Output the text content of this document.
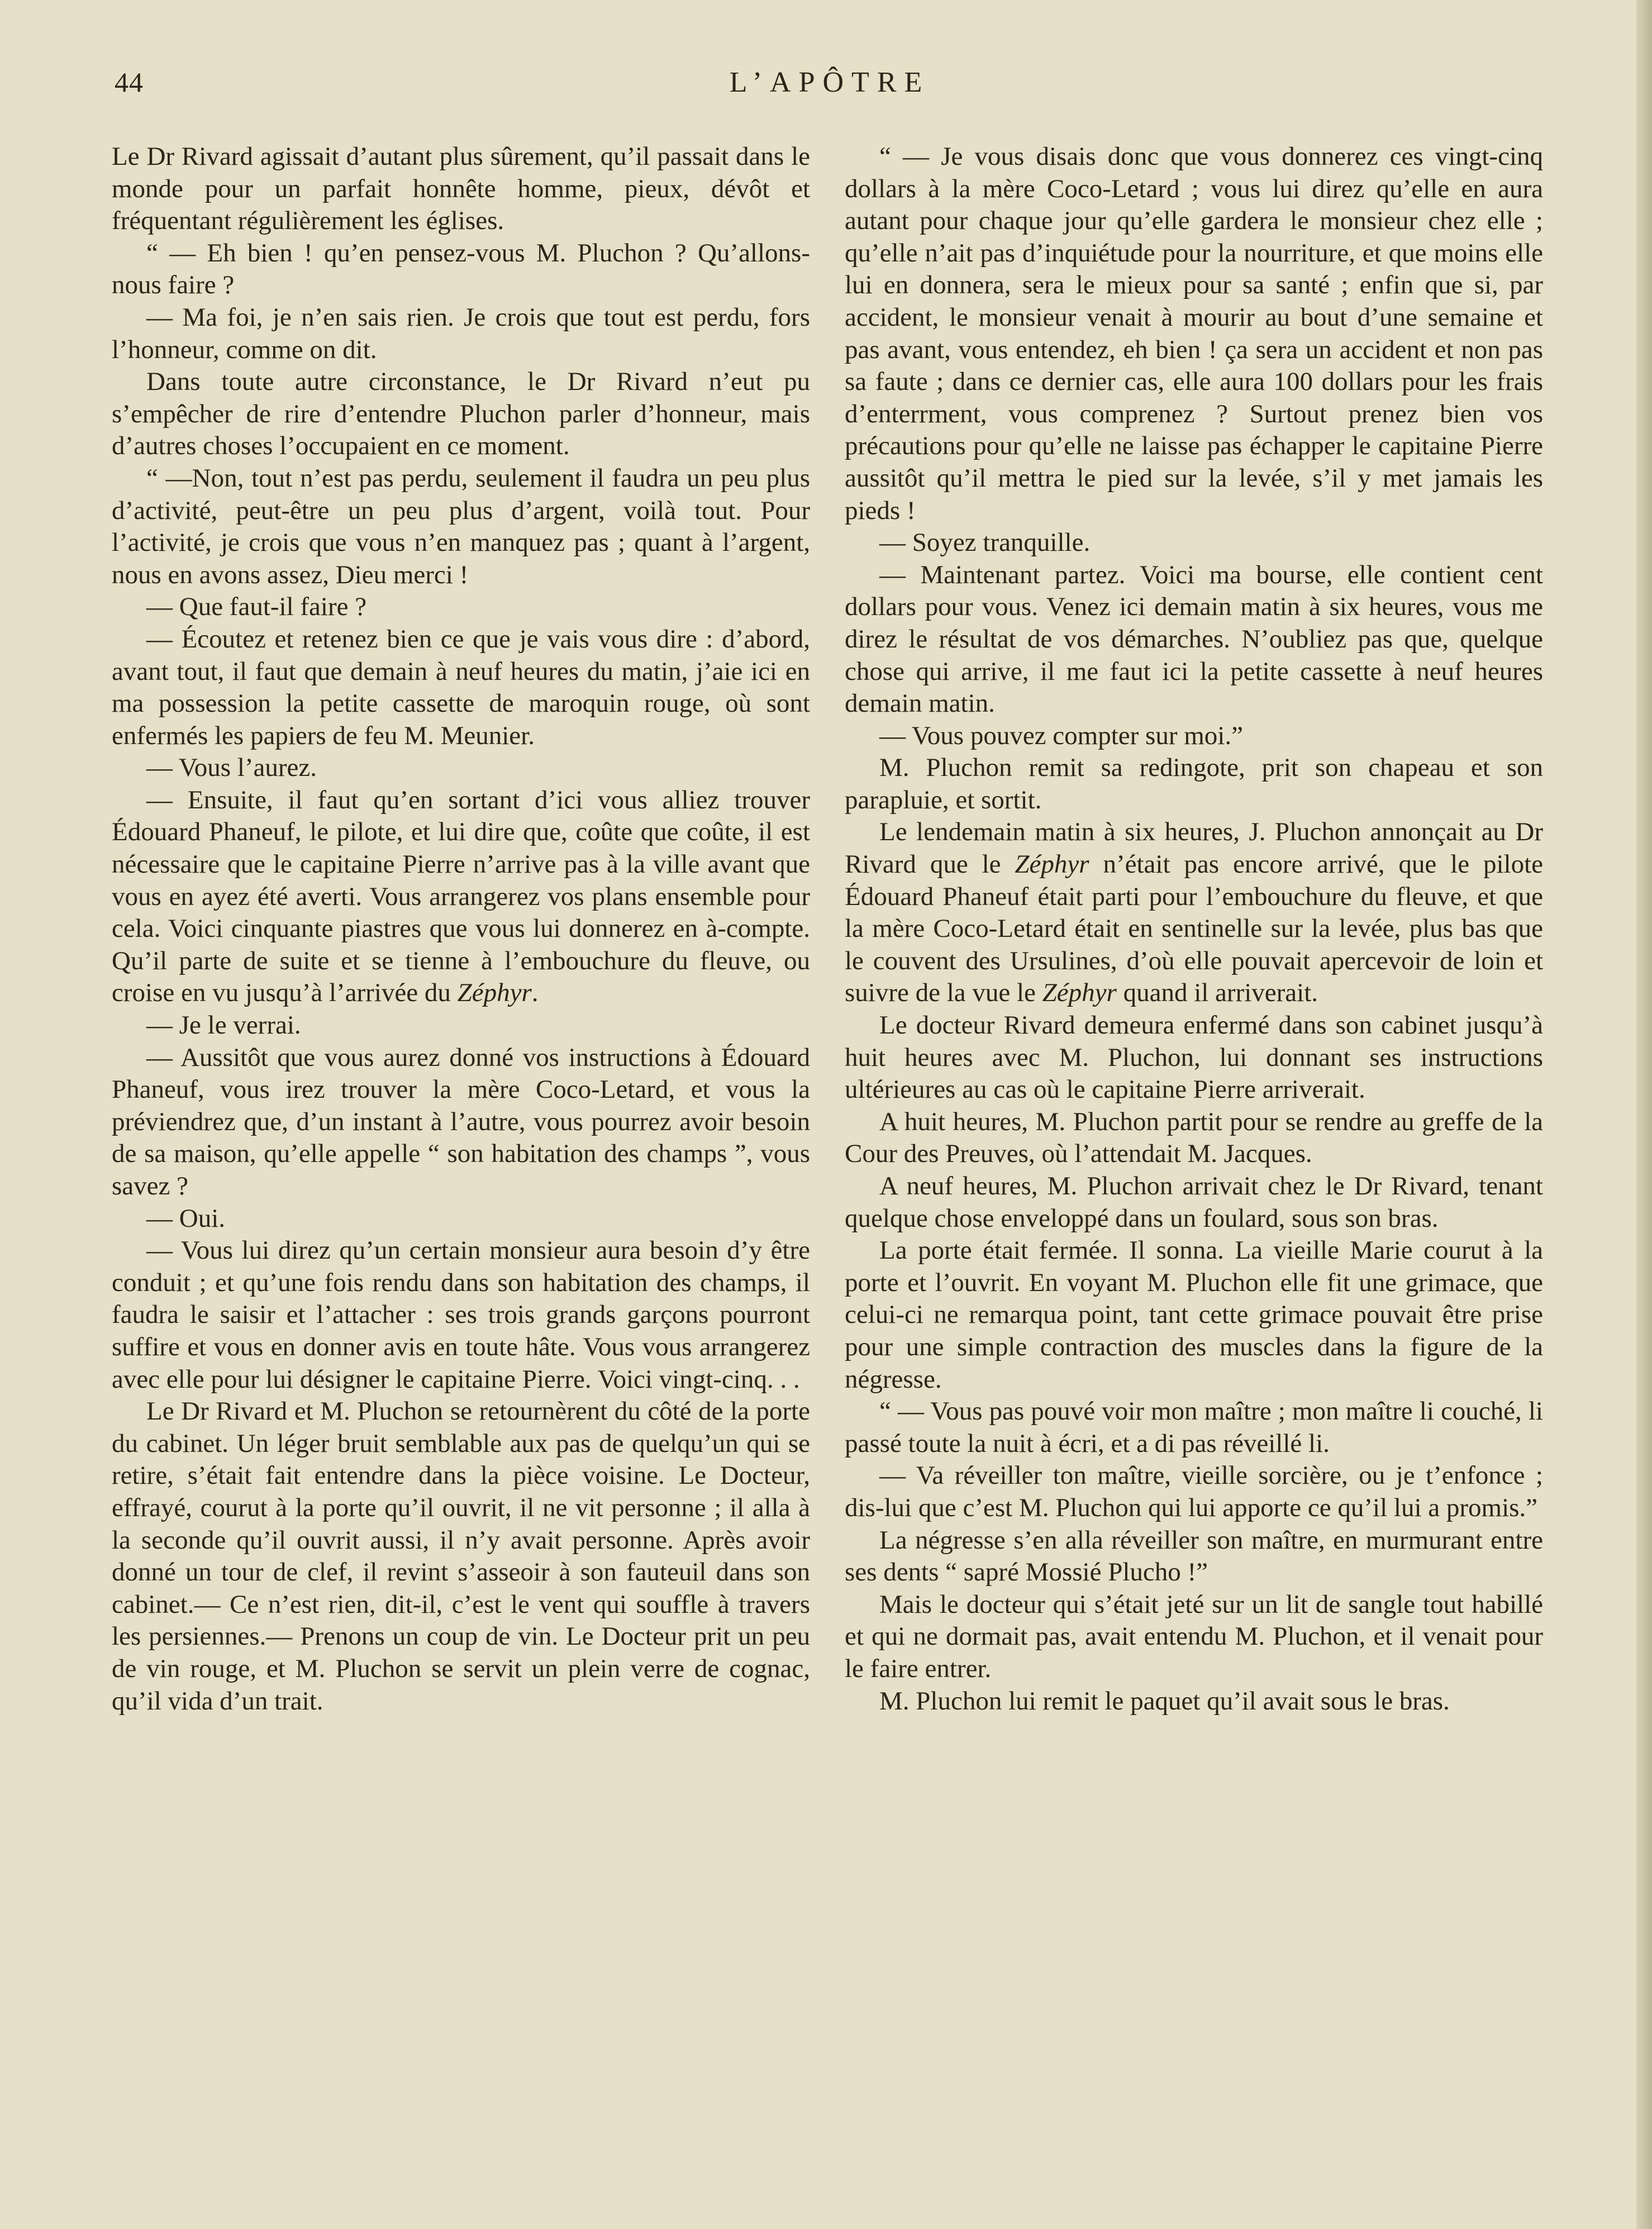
44	L’APÔTRE

Le Dr Rivard agissait d’autant plus sûrement, qu’il passait dans le monde pour un parfait honnête homme, pieux, dévôt et fréquentant régulièrement les églises.

“ — Eh bien ! qu’en pensez-vous M. Pluchon ? Qu’allons-nous faire ?

— Ma foi, je n’en sais rien. Je crois que tout est perdu, fors l’honneur, comme on dit.

Dans toute autre circonstance, le Dr Rivard n’eut pu s’empêcher de rire d’entendre Pluchon parler d’honneur, mais d’autres choses l’occupaient en ce moment.

“ —Non, tout n’est pas perdu, seulement il faudra un peu plus d’activité, peut-être un peu plus d’argent, voilà tout. Pour l’activité, je crois que vous n’en manquez pas ; quant à l’argent, nous en avons assez, Dieu merci !

— Que faut-il faire ?

— Écoutez et retenez bien ce que je vais vous dire : d’abord, avant tout, il faut que demain à neuf heures du matin, j’aie ici en ma possession la petite cassette de maroquin rouge, où sont enfermés les papiers de feu M. Meunier.

— Vous l’aurez.

— Ensuite, il faut qu’en sortant d’ici vous alliez trouver Édouard Phaneuf, le pilote, et lui dire que, coûte que coûte, il est nécessaire que le capitaine Pierre n’arrive pas à la ville avant que vous en ayez été averti. Vous arrangerez vos plans ensemble pour cela. Voici cinquante piastres que vous lui donnerez en à-compte. Qu’il parte de suite et se tienne à l’embouchure du fleuve, ou croise en vu jusqu’à l’arrivée du Zéphyr.

— Je le verrai.

— Aussitôt que vous aurez donné vos instructions à Édouard Phaneuf, vous irez trouver la mère Coco-Letard, et vous la préviendrez que, d’un instant à l’autre, vous pourrez avoir besoin de sa maison, qu’elle appelle “ son habitation des champs ”, vous savez ?

— Oui.

— Vous lui direz qu’un certain monsieur aura besoin d’y être conduit ; et qu’une fois rendu dans son habitation des champs, il faudra le saisir et l’attacher : ses trois grands garçons pourront suffire et vous en donner avis en toute hâte. Vous vous arrangerez avec elle pour lui désigner le capitaine Pierre. Voici vingt-cinq. . .

Le Dr Rivard et M. Pluchon se retournèrent du côté de la porte du cabinet. Un léger bruit semblable aux pas de quelqu’un qui se retire, s’était fait entendre dans la pièce voisine. Le Docteur, effrayé, courut à la porte qu’il ouvrit, il ne vit personne ; il alla à la seconde qu’il ouvrit aussi, il n’y avait personne. Après avoir donné un tour de clef, il revint s’asseoir à son fauteuil dans son cabinet.— Ce n’est rien, dit-il, c’est le vent qui souffle à travers les persiennes.— Prenons un coup de vin. Le Docteur prit un peu de vin rouge, et M. Pluchon se servit un plein verre de cognac, qu’il vida d’un trait.

“ — Je vous disais donc que vous donnerez ces vingt-cinq dollars à la mère Coco-Letard ; vous lui direz qu’elle en aura autant pour chaque jour qu’elle gardera le monsieur chez elle ; qu’elle n’ait pas d’inquiétude pour la nourriture, et que moins elle lui en donnera, sera le mieux pour sa santé ; enfin que si, par accident, le monsieur venait à mourir au bout d’une semaine et pas avant, vous entendez, eh bien ! ça sera un accident et non pas sa faute ; dans ce dernier cas, elle aura 100 dollars pour les frais d’enterrment, vous comprenez ? Surtout prenez bien vos précautions pour qu’elle ne laisse pas échapper le capitaine Pierre aussitôt qu’il mettra le pied sur la levée, s’il y met jamais les pieds !

— Soyez tranquille.

— Maintenant partez. Voici ma bourse, elle contient cent dollars pour vous. Venez ici demain matin à six heures, vous me direz le résultat de vos démarches. N’oubliez pas que, quelque chose qui arrive, il me faut ici la petite cassette à neuf heures demain matin.

— Vous pouvez compter sur moi.”

M. Pluchon remit sa redingote, prit son chapeau et son parapluie, et sortit.

Le lendemain matin à six heures, J. Pluchon annonçait au Dr Rivard que le Zéphyr n’était pas encore arrivé, que le pilote Édouard Phaneuf était parti pour l’embouchure du fleuve, et que la mère Coco-Letard était en sentinelle sur la levée, plus bas que le couvent des Ursulines, d’où elle pouvait apercevoir de loin et suivre de la vue le Zéphyr quand il arriverait.

Le docteur Rivard demeura enfermé dans son cabinet jusqu’à huit heures avec M. Pluchon, lui donnant ses instructions ultérieures au cas où le capitaine Pierre arriverait.

A huit heures, M. Pluchon partit pour se rendre au greffe de la Cour des Preuves, où l’attendait M. Jacques.

A neuf heures, M. Pluchon arrivait chez le Dr Rivard, tenant quelque chose enveloppé dans un foulard, sous son bras.

La porte était fermée. Il sonna. La vieille Marie courut à la porte et l’ouvrit. En voyant M. Pluchon elle fit une grimace, que celui-ci ne remarqua point, tant cette grimace pouvait être prise pour une simple contraction des muscles dans la figure de la négresse.

“ — Vous pas pouvé voir mon maître ; mon maître li couché, li passé toute la nuit à écri, et a di pas réveillé li.

— Va réveiller ton maître, vieille sorcière, ou je t’enfonce ; dis-lui que c’est M. Pluchon qui lui apporte ce qu’il lui a promis.”

La négresse s’en alla réveiller son maître, en murmurant entre ses dents “ sapré Mossié Plucho !”

Mais le docteur qui s’était jeté sur un lit de sangle tout habillé et qui ne dormait pas, avait entendu M. Pluchon, et il venait pour le faire entrer.

M. Pluchon lui remit le paquet qu’il avait sous le bras.
